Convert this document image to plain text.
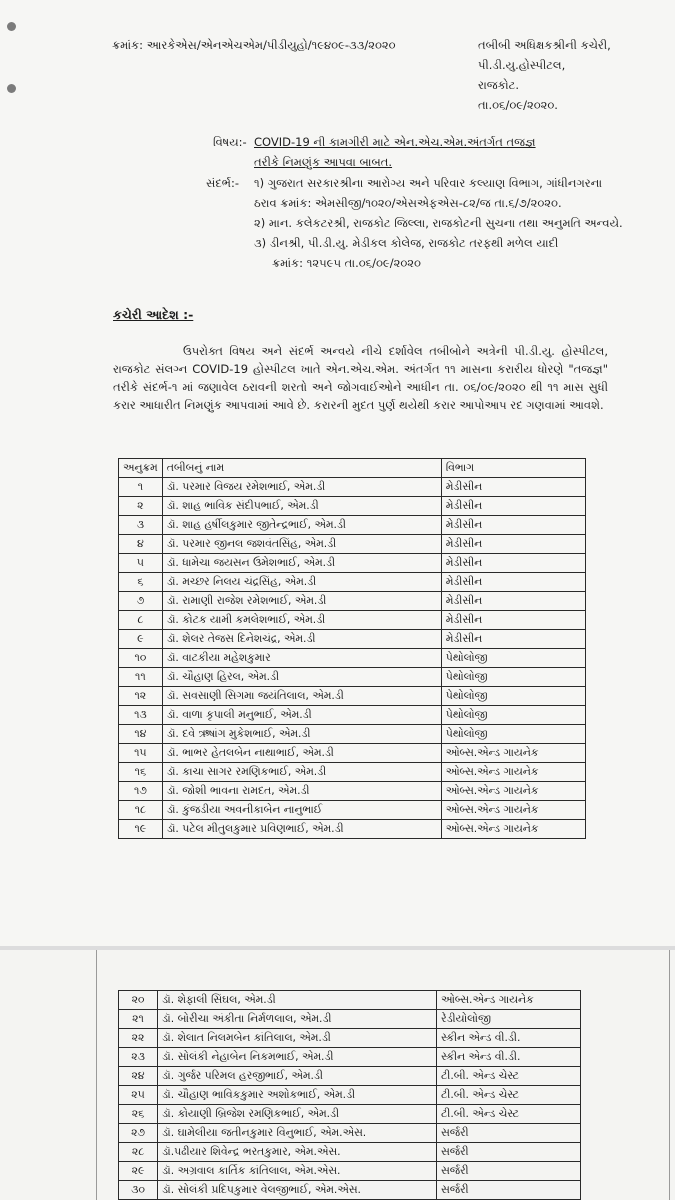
ક્રમાંક: આરકેએસ/એનએચએમ/પીડીયુહો/૧૯૪૦૯-૩૩/૨૦૨૦	તબીબી અધિક્ષકશ્રીની કચેરી,
પી.ડી.યુ.હોસ્પીટલ,
રાજકોટ.
તા.૦૬/૦૯/૨૦૨૦.
વિષય:- COVID-19 ની કામગીરી માટે એન.એચ.એમ.અંતર્ગત તજજ્ઞ
તરીકે નિમણુંક આપવા બાબત.
સંદર્ભ:- ૧) ગુજરાત સરકારશ્રીના આરોગ્ય અને પરિવાર કલ્યાણ વિભાગ, ગાંધીનગરના
ઠરાવ ક્રમાંક: એમસીજી/૧૦૨૦/એસએફએસ-૮૨/જ તા.૬/૭/૨૦૨૦.
૨) માન. કલેકટરશ્રી, રાજકોટ જિલ્લા, રાજકોટની સુચના તથા અનુમતિ અન્વયે.
૩) ડીનશ્રી, પી.ડી.યુ. મેડીકલ કોલેજ, રાજકોટ તરફથી મળેલ યાદી
ક્રમાંક: ૧૨૫૯૫ તા.૦૬/૦૯/૨૦૨૦
કચેરી આદેશ :-
ઉપરોક્ત વિષય અને સંદર્ભ અન્વયે નીચે દર્શાવેલ તબીબોને અત્રેની પી.ડી.યુ. હોસ્પીટલ, રાજકોટ સંલગ્ન COVID-19 હોસ્પીટલ ખાતે એન.એચ.એમ. અંતર્ગત ૧૧ માસના કરારીય ધોરણે "તજજ્ઞ" તરીકે સંદર્ભ-૧ માં જણાવેલ ઠરાવની શરતો અને જોગવાઈઓને આધીન તા. ૦૬/૦૯/૨૦૨૦ થી ૧૧ માસ સુધી કરાર આધારીત નિમણુંક આપવામાં આવે છે. કરારની મુદત પુર્ણ થયેથી કરાર આપોઆપ રદ ગણવામાં આવશે.
અનુક્રમ	તબીબનું નામ	વિભાગ
૧	ડૉ. પરમાર વિજય રમેશભાઈ, એમ.ડી	મેડીસીન
૨	ડૉ. શાહ ભાવિક સંદીપભાઈ, એમ.ડી	મેડીસીન
૩	ડૉ. શાહ હર્ષીલકુમાર જીતેન્દ્રભાઈ, એમ.ડી	મેડીસીન
૪	ડૉ. પરમાર જીનલ જશવંતસિંહ, એમ.ડી	મેડીસીન
૫	ડૉ. ધામેચા જયસન ઉમેશભાઈ, એમ.ડી	મેડીસીન
૬	ડૉ. મચ્છર નિલય ચંદ્રસિંહ, એમ.ડી	મેડીસીન
૭	ડૉ. રામાણી રાજેશ રમેશભાઈ, એમ.ડી	મેડીસીન
૮	ડૉ. કોટક યામી કમલેશભાઈ, એમ.ડી	મેડીસીન
૯	ડૉ. શેલર તેજસ દિનેશચંદ્ર, એમ.ડી	મેડીસીન
૧૦	ડૉ. વાટકીયા મહેશકુમાર	પેથોલોજી
૧૧	ડૉ. ચૌહાણ હિરલ, એમ.ડી	પેથોલોજી
૧૨	ડૉ. સવસાણી સિગમા જયંતિલાલ, એમ.ડી	પેથોલોજી
૧૩	ડૉ. વાળા કૃપાલી મનુભાઈ, એમ.ડી	પેથોલોજી
૧૪	ડૉ. દવે ઋષાંગ મુકેશભાઈ, એમ.ડી	પેથોલોજી
૧૫	ડૉ. ભાભર હેતલબેન નાથાભાઈ, એમ.ડી	ઓબ્સ.એન્ડ ગાયનેક
૧૬	ડૉ. કાચા સાગર રમણિકભાઈ, એમ.ડી	ઓબ્સ.એન્ડ ગાયનેક
૧૭	ડૉ. જોશી ભાવના રામદત, એમ.ડી	ઓબ્સ.એન્ડ ગાયનેક
૧૮	ડૉ. કુંજડીયા અવનીકાબેન નાનુભાઈ	ઓબ્સ.એન્ડ ગાયનેક
૧૯	ડૉ. પટેલ મીતુલકુમાર પ્રવિણભાઈ, એમ.ડી	ઓબ્સ.એન્ડ ગાયનેક
૨૦	ડૉ. શેફાલી સિંઘલ, એમ.ડી	ઓબ્સ.એન્ડ ગાયનેક
૨૧	ડૉ. બોરીચા અંકીતા નિર્મળલાલ, એમ.ડી	રેડીયોલોજી
૨૨	ડૉ. શેલાત નિલમબેન કાંતિલાલ, એમ.ડી	સ્કીન એન્ડ વી.ડી.
૨૩	ડૉ. સોલંકી નેહાબેન નિકમભાઈ, એમ.ડી	સ્કીન એન્ડ વી.ડી.
૨૪	ડૉ. ગુર્જર પરિમલ હરજીભાઈ, એમ.ડી	ટી.બી. એન્ડ ચેસ્ટ
૨૫	ડૉ. ચૌહાણ ભાવિકકુમાર અશોકભાઈ, એમ.ડી	ટી.બી. એન્ડ ચેસ્ટ
૨૬	ડૉ. કોયાણી બ્રિજેશ રમણિકભાઈ, એમ.ડી	ટી.બી. એન્ડ ચેસ્ટ
૨૭	ડૉ. ઘામેલીયા જતીનકુમાર વિનુભાઈ, એમ.એસ.	સર્જરી
૨૮	ડૉ.પઢીયાર શિવેન્દ્ર ભરતકુમાર, એમ.એસ.	સર્જરી
૨૯	ડૉ. અગ્રવાલ કાર્તિક કાંતિલાલ, એમ.એસ.	સર્જરી
૩૦	ડૉ. સોલંકી પ્રદિપકુમાર વેલજીભાઈ, એમ.એસ.	સર્જરી
